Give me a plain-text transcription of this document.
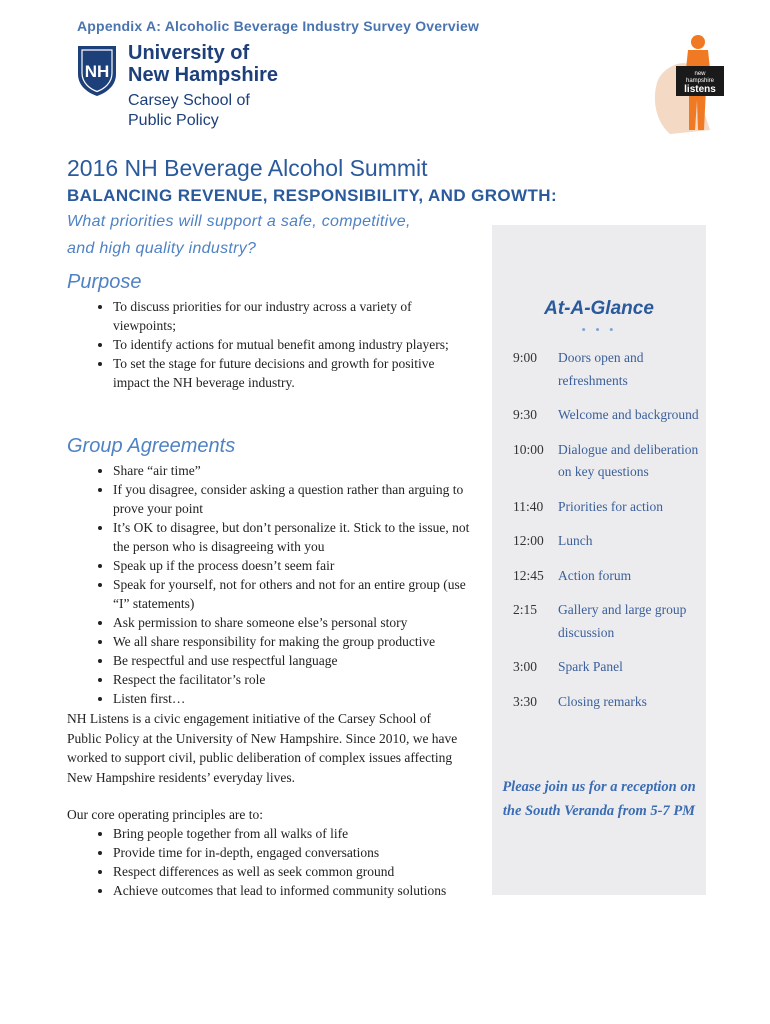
Appendix A: Alcoholic Beverage Industry Survey Overview
NH
University of
New Hampshire
Carsey School of
Public Policy
new
hampshire
listens
2016 NH Beverage Alcohol Summit
BALANCING REVENUE, RESPONSIBILITY, AND GROWTH:
What priorities will support a safe, competitive,
and high quality industry?
Purpose
• To discuss priorities for our industry across a variety of viewpoints;
• To identify actions for mutual benefit among industry players;
• To set the stage for future decisions and growth for positive impact the NH beverage industry.
Group Agreements
• Share “air time”
• If you disagree, consider asking a question rather than arguing to prove your point
• It’s OK to disagree, but don’t personalize it. Stick to the issue, not the person who is disagreeing with you
• Speak up if the process doesn’t seem fair
• Speak for yourself, not for others and not for an entire group (use “I” statements)
• Ask permission to share someone else’s personal story
• We all share responsibility for making the group productive
• Be respectful and use respectful language
• Respect the facilitator’s role
• Listen first…

NH Listens is a civic engagement initiative of the Carsey School of Public Policy at the University of New Hampshire. Since 2010, we have worked to support civil, public deliberation of complex issues affecting New Hampshire residents’ everyday lives.

Our core operating principles are to:

• Bring people together from all walks of life
• Provide time for in-depth, engaged conversations
• Respect differences as well as seek common ground
• Achieve outcomes that lead to informed community solutions
At-A-Glance
• • •
9:00	Doors open and refreshments
9:30	Welcome and background
10:00	Dialogue and deliberation on key questions
11:40	Priorities for action
12:00	Lunch
12:45	Action forum
2:15	Gallery and large group discussion
3:00	Spark Panel
3:30	Closing remarks
Please join us for a reception on the South Veranda from 5-7 PM
